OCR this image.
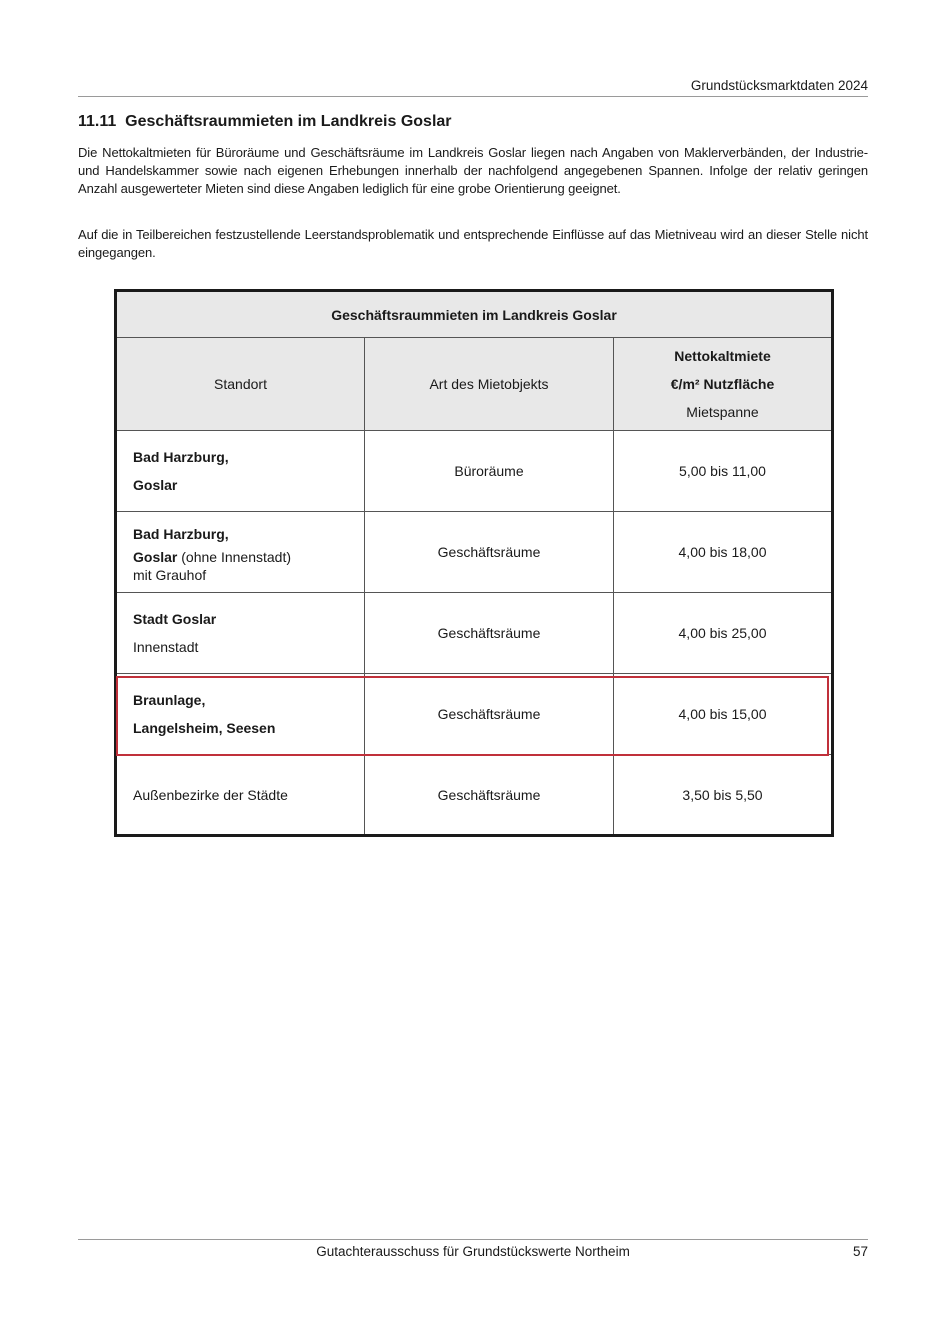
Grundstücksmarktdaten 2024
11.11 Geschäftsraummieten im Landkreis Goslar

Die Nettokaltmieten für Büroräume und Geschäftsräume im Landkreis Goslar liegen nach Angaben von Maklerverbänden, der Industrie- und Handelskammer sowie nach eigenen Erhebungen innerhalb der nachfolgend angegebenen Spannen. Infolge der relativ geringen Anzahl ausgewerteter Mieten sind diese Angaben lediglich für eine grobe Orientierung geeignet.

Auf die in Teilbereichen festzustellende Leerstandsproblematik und entsprechende Einflüsse auf das Mietniveau wird an dieser Stelle nicht eingegangen.

Geschäftsraummieten im Landkreis Goslar		
Standort	Art des Mietobjekts	Nettokaltmiete
€/m² Nutzfläche
Mietspanne

Bad Harzburg,
Goslar	Büroräume	5,00 bis 11,00

Bad Harzburg,
Goslar (ohne Innenstadt)
mit Grauhof	Geschäftsräume	4,00 bis 18,00

Stadt Goslar
Innenstadt	Geschäftsräume	4,00 bis 25,00

Braunlage,
Langelsheim, Seesen	Geschäftsräume	4,00 bis 15,00

Außenbezirke der Städte	Geschäftsräume	3,50 bis 5,50
Gutachterausschuss für Grundstückswerte Northeim	57
